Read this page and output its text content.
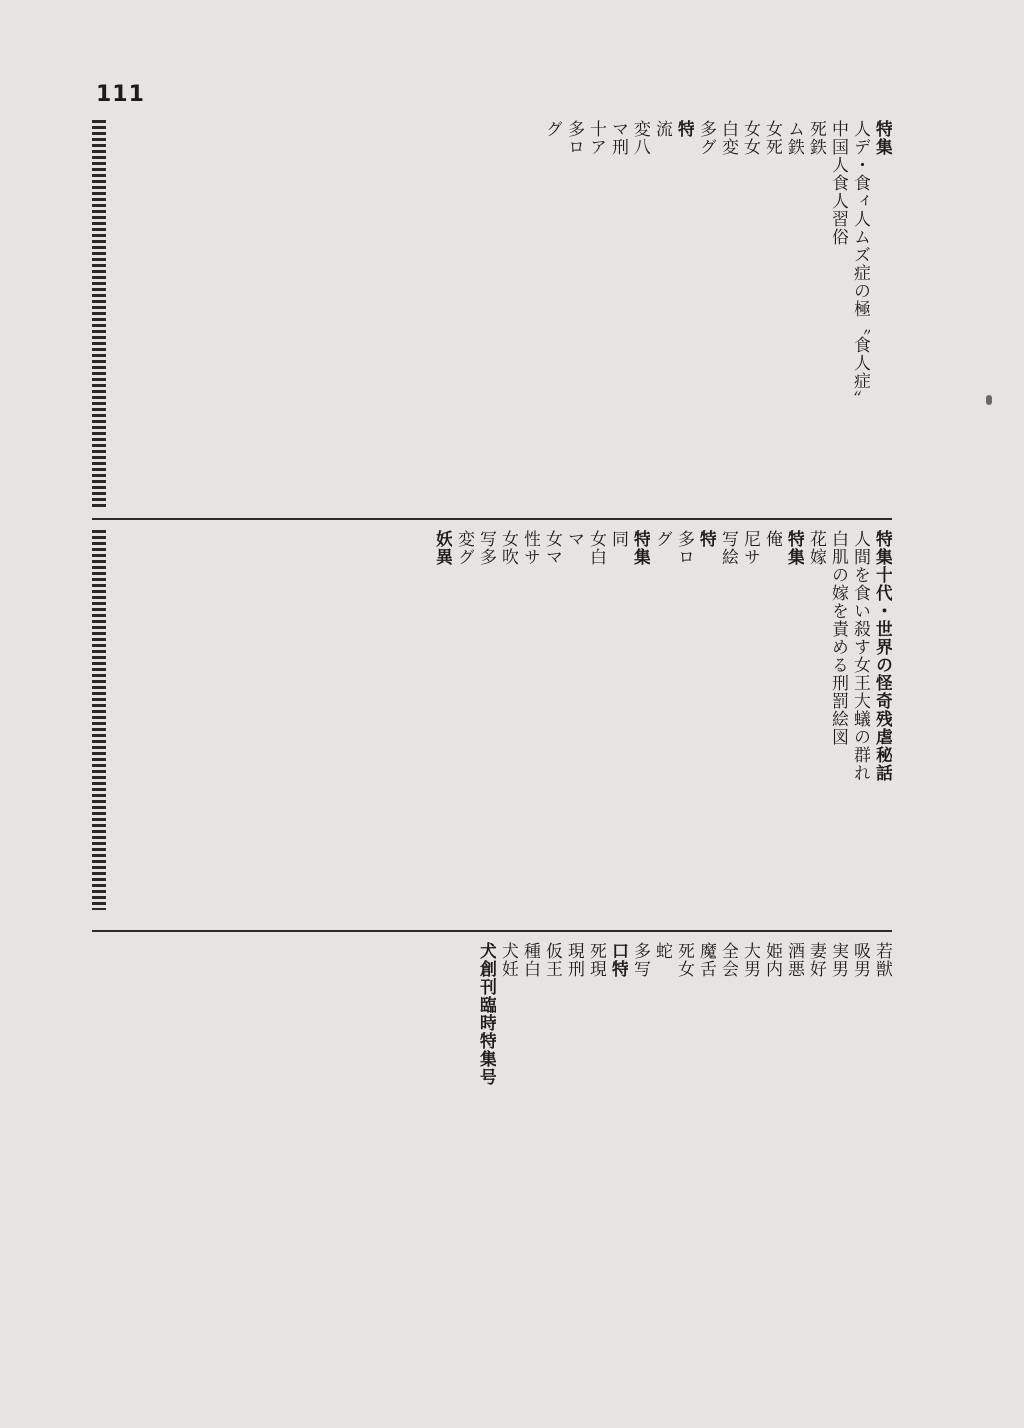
111
特集
人デ・食ィ人ムズ症の極〝食人症〟
中国人食人習俗
死鉄
ム鉄
女死
女女
白変
多グ
特
流
変八
マ刑
十ア
多ロ
グ
特集十代・世界の怪奇残虐秘話
人間を食い殺す女王大蟻の群れ
白肌の嫁を責める刑罰絵図
花嫁
特集
俺
尼サ
写絵
特
多ロ
グ
特集
同
女白
マ
女マ
性サ
女吹
写多
変グ
妖異
若獣
吸男
実男
妻好
酒悪
姫内
大男
全会
魔舌
死女
蛇
多写
口特
死現
現刑
仮王
種白
犬妊
犬創刊臨時特集号
